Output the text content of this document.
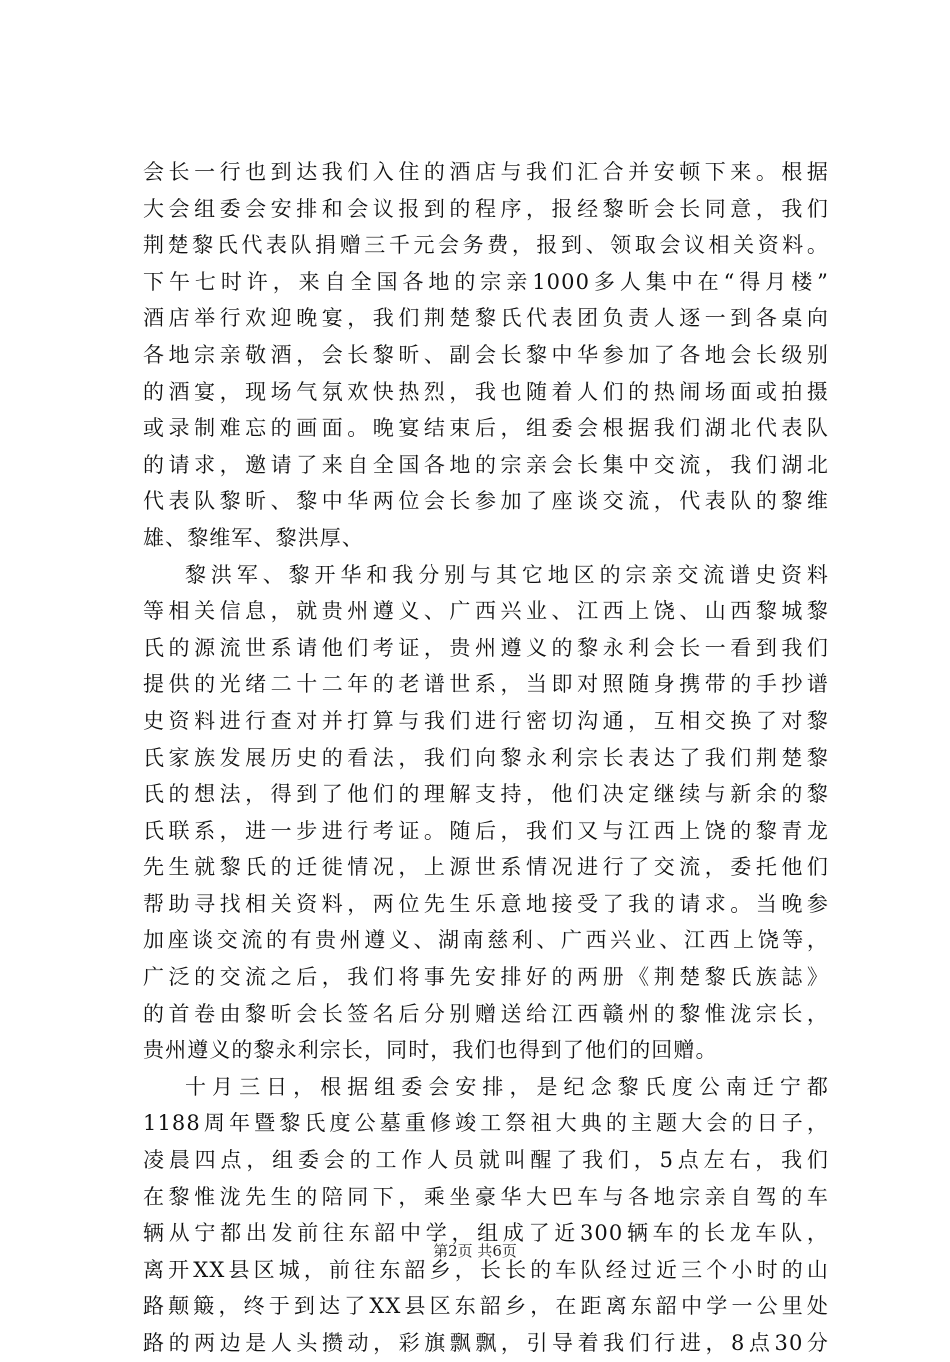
会长一行也到达我们入住的酒店与我们汇合并安顿下来。根据
大会组委会安排和会议报到的程序，报经黎昕会长同意，我们
荆楚黎氏代表队捐赠三千元会务费，报到、领取会议相关资料。
下午七时许，来自全国各地的宗亲1000多人集中在“得月楼”
酒店举行欢迎晚宴，我们荆楚黎氏代表团负责人逐一到各桌向
各地宗亲敬酒，会长黎昕、副会长黎中华参加了各地会长级别
的酒宴，现场气氛欢快热烈，我也随着人们的热闹场面或拍摄
或录制难忘的画面。晚宴结束后，组委会根据我们湖北代表队
的请求，邀请了来自全国各地的宗亲会长集中交流，我们湖北
代表队黎昕、黎中华两位会长参加了座谈交流，代表队的黎维
雄、黎维军、黎洪厚、
黎洪军、黎开华和我分别与其它地区的宗亲交流谱史资料
等相关信息，就贵州遵义、广西兴业、江西上饶、山西黎城黎
氏的源流世系请他们考证，贵州遵义的黎永利会长一看到我们
提供的光绪二十二年的老谱世系，当即对照随身携带的手抄谱
史资料进行查对并打算与我们进行密切沟通，互相交换了对黎
氏家族发展历史的看法，我们向黎永利宗长表达了我们荆楚黎
氏的想法，得到了他们的理解支持，他们决定继续与新余的黎
氏联系，进一步进行考证。随后，我们又与江西上饶的黎青龙
先生就黎氏的迁徙情况，上源世系情况进行了交流，委托他们
帮助寻找相关资料，两位先生乐意地接受了我的请求。当晚参
加座谈交流的有贵州遵义、湖南慈利、广西兴业、江西上饶等，
广泛的交流之后，我们将事先安排好的两册《荆楚黎氏族誌》
的首卷由黎昕会长签名后分别赠送给江西赣州的黎惟泷宗长，
贵州遵义的黎永利宗长，同时，我们也得到了他们的回赠。
十月三日，根据组委会安排，是纪念黎氏度公南迁宁都
1188周年暨黎氏度公墓重修竣工祭祖大典的主题大会的日子，
凌晨四点，组委会的工作人员就叫醒了我们，5点左右，我们
在黎惟泷先生的陪同下，乘坐豪华大巴车与各地宗亲自驾的车
辆从宁都出发前往东韶中学，组成了近300辆车的长龙车队，
离开XX县区城，前往东韶乡，长长的车队经过近三个小时的山
路颠簸，终于到达了XX县区东韶乡，在距离东韶中学一公里处
路的两边是人头攒动，彩旗飘飘，引导着我们行进，8点30分
第2页 共6页
